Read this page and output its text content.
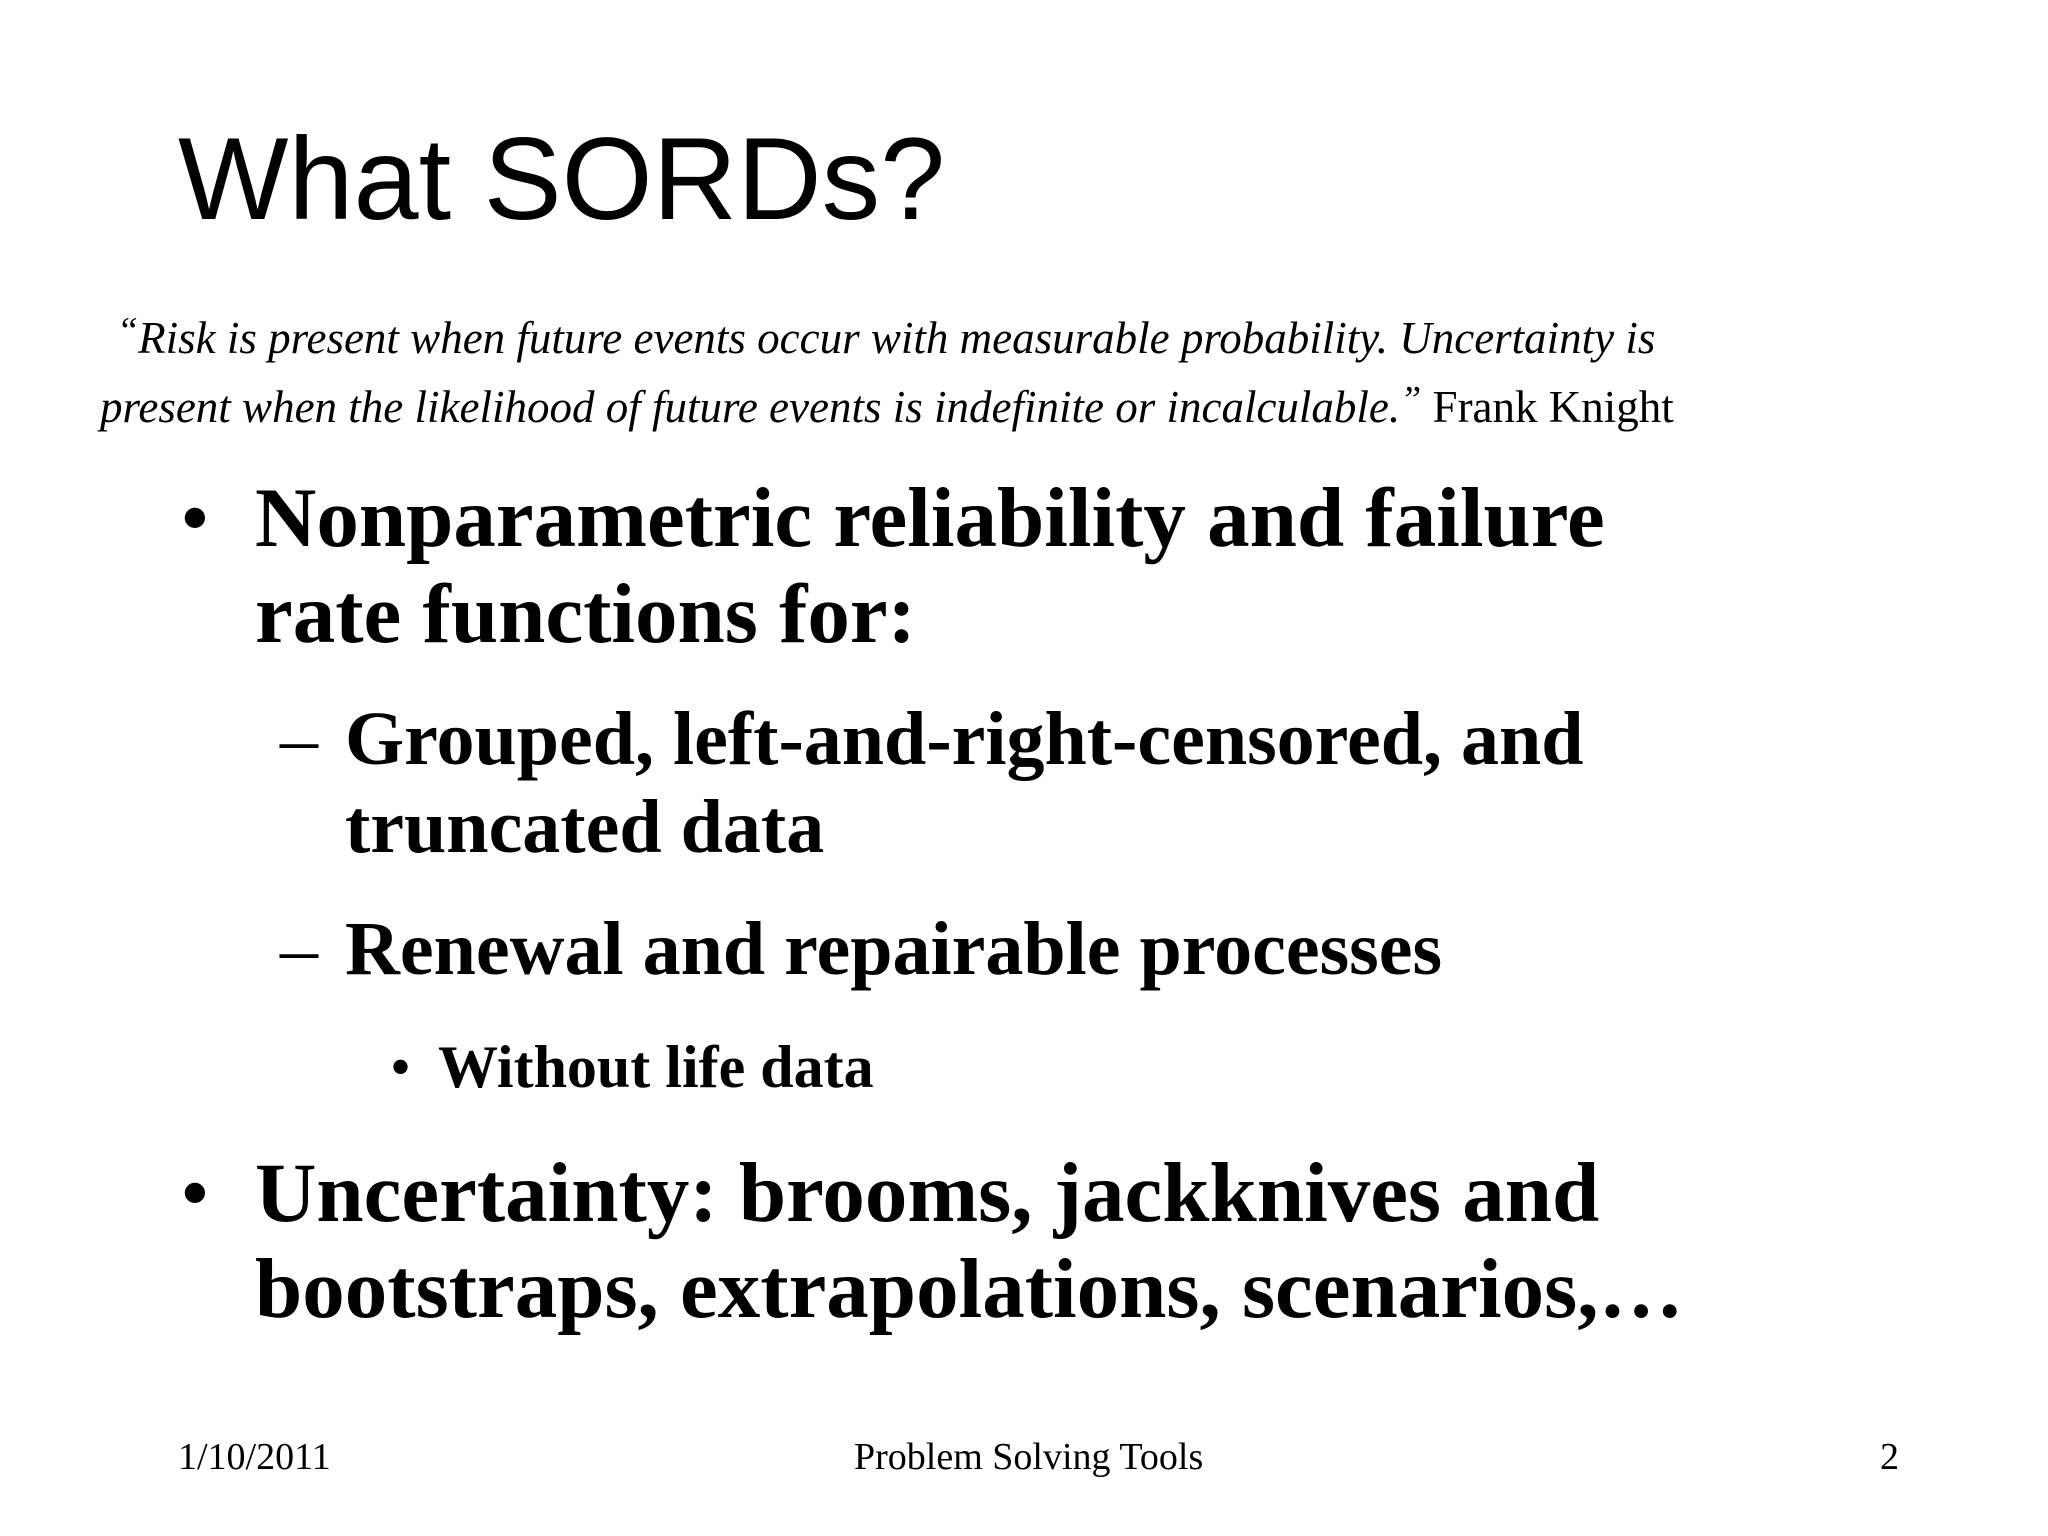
What SORDs?
“Risk is present when future events occur with measurable probability. Uncertainty is
present when the likelihood of future events is indefinite or incalculable.” Frank Knight
• Nonparametric reliability and failure
rate functions for:
– Grouped, left-and-right-censored, and
truncated data
– Renewal and repairable processes
• Without life data
• Uncertainty: brooms, jackknives and
bootstraps, extrapolations, scenarios,…
1/10/2011	Problem Solving Tools	2
